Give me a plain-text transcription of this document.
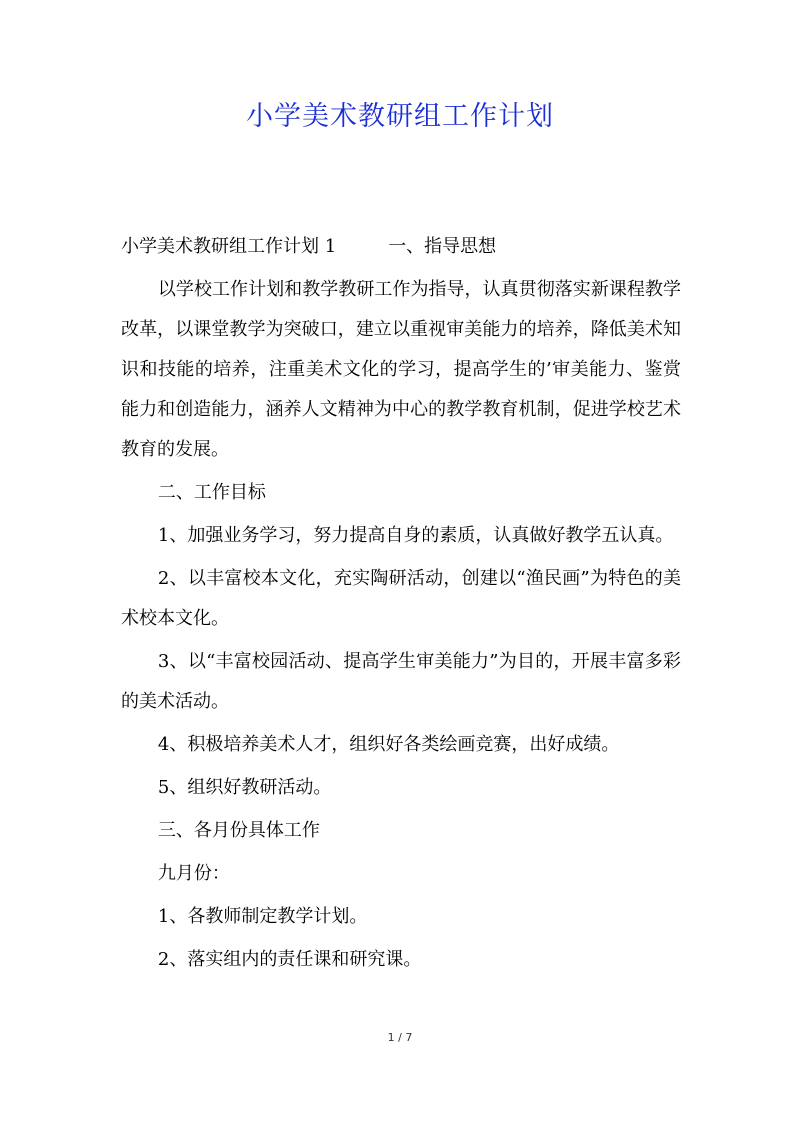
小学美术教研组工作计划

小学美术教研组工作计划 1	一、指导思想

以学校工作计划和教学教研工作为指导，认真贯彻落实新课程教学改革，以课堂教学为突破口，建立以重视审美能力的培养，降低美术知识和技能的培养，注重美术文化的学习，提高学生的’审美能力、鉴赏能力和创造能力，涵养人文精神为中心的教学教育机制，促进学校艺术教育的发展。

二、工作目标

1、加强业务学习，努力提高自身的素质，认真做好教学五认真。

2、以丰富校本文化，充实陶研活动，创建以“渔民画”为特色的美术校本文化。

3、以“丰富校园活动、提高学生审美能力”为目的，开展丰富多彩的美术活动。

4、积极培养美术人才，组织好各类绘画竞赛，出好成绩。

5、组织好教研活动。

三、各月份具体工作

九月份：

1、各教师制定教学计划。

2、落实组内的责任课和研究课。

1 / 7
